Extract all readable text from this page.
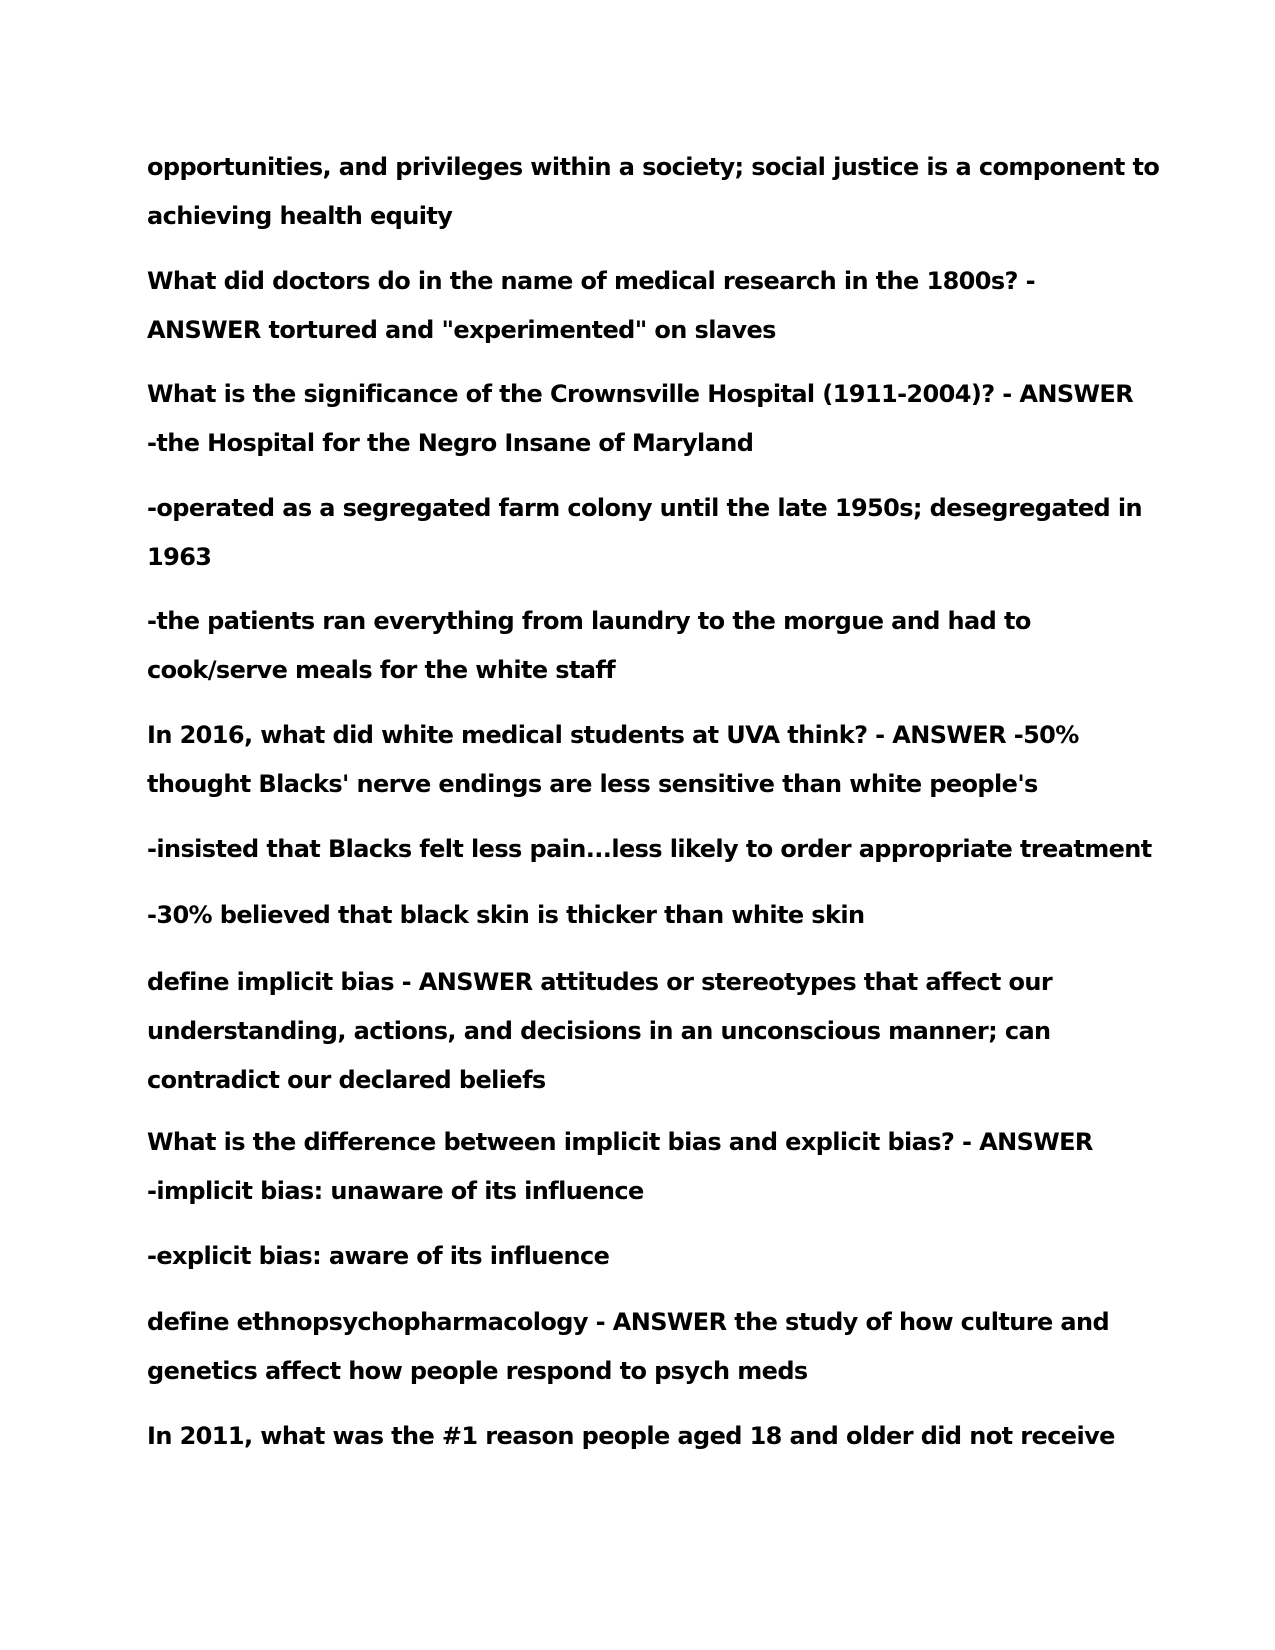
opportunities, and privileges within a society; social justice is a component to
achieving health equity

What did doctors do in the name of medical research in the 1800s? -
ANSWER tortured and "experimented" on slaves

What is the significance of the Crownsville Hospital (1911-2004)? - ANSWER
-the Hospital for the Negro Insane of Maryland

-operated as a segregated farm colony until the late 1950s; desegregated in
1963

-the patients ran everything from laundry to the morgue and had to
cook/serve meals for the white staff

In 2016, what did white medical students at UVA think? - ANSWER -50%
thought Blacks' nerve endings are less sensitive than white people's

-insisted that Blacks felt less pain...less likely to order appropriate treatment

-30% believed that black skin is thicker than white skin

define implicit bias - ANSWER attitudes or stereotypes that affect our
understanding, actions, and decisions in an unconscious manner; can
contradict our declared beliefs

What is the difference between implicit bias and explicit bias? - ANSWER
-implicit bias: unaware of its influence

-explicit bias: aware of its influence

define ethnopsychopharmacology - ANSWER the study of how culture and
genetics affect how people respond to psych meds

In 2011, what was the #1 reason people aged 18 and older did not receive
